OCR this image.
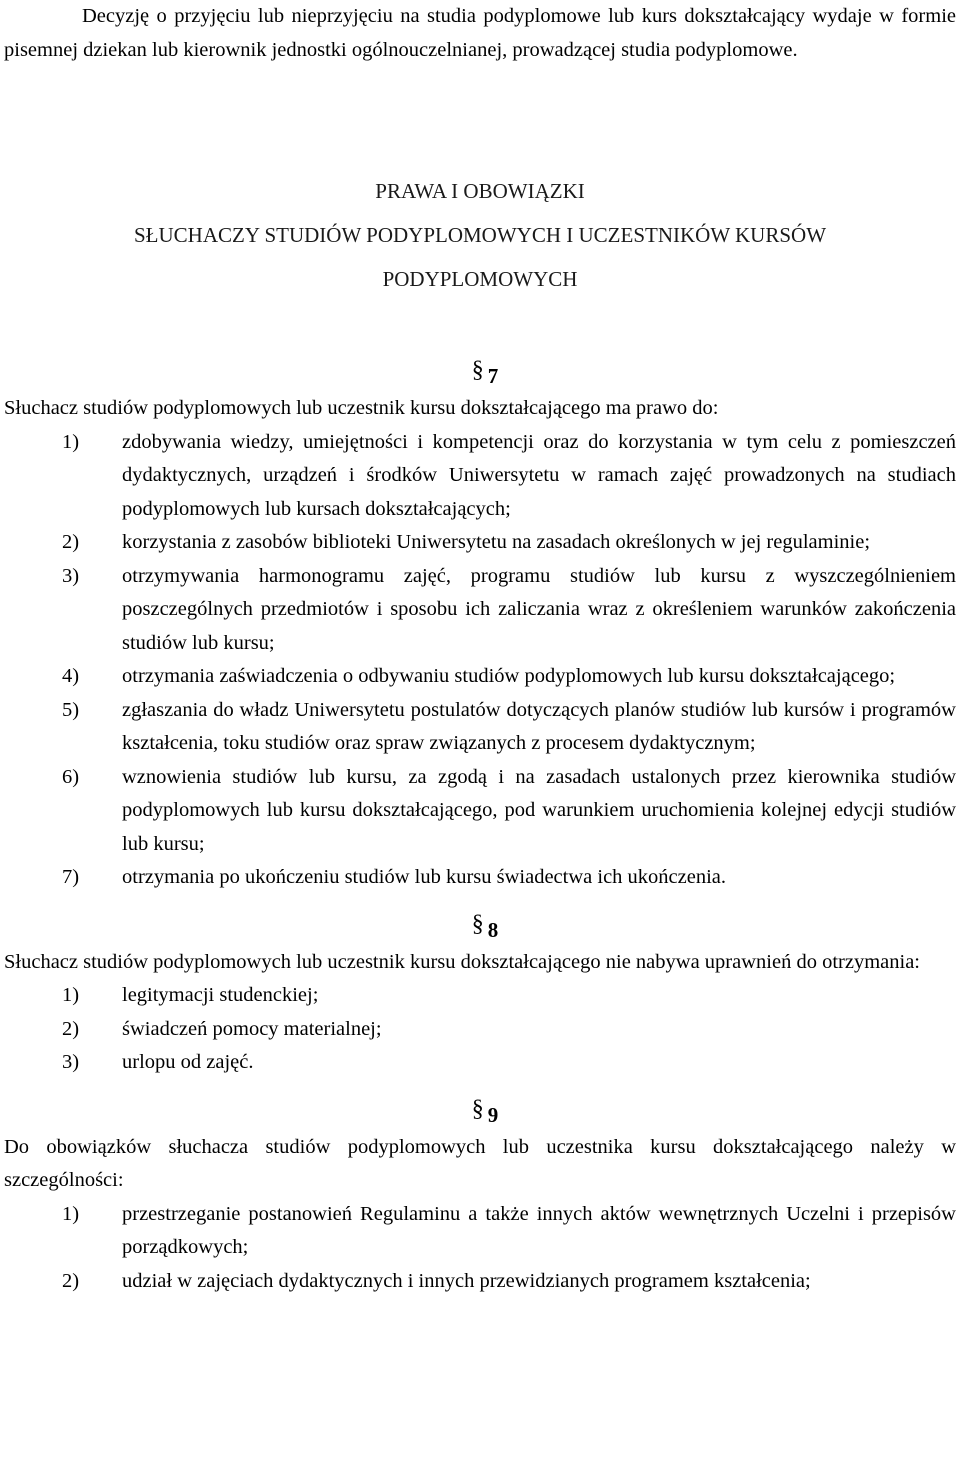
Decyzję o przyjęciu lub nieprzyjęciu na studia podyplomowe lub kurs dokształcający wydaje w formie pisemnej dziekan lub kierownik jednostki ogólnouczelnianej, prowadzącej studia podyplomowe.

PRAWA I OBOWIĄZKI

SŁUCHACZY STUDIÓW PODYPLOMOWYCH I UCZESTNIKÓW KURSÓW

PODYPLOMOWYCH

§ 7

Słuchacz studiów podyplomowych lub uczestnik kursu dokształcającego ma prawo do:

1) zdobywania wiedzy, umiejętności i kompetencji oraz do korzystania w tym celu z pomieszczeń dydaktycznych, urządzeń i środków Uniwersytetu w ramach zajęć prowadzonych na studiach podyplomowych lub kursach dokształcających;
2) korzystania z zasobów biblioteki Uniwersytetu na zasadach określonych w jej regulaminie;
3) otrzymywania harmonogramu zajęć, programu studiów lub kursu z wyszczególnieniem poszczególnych przedmiotów i sposobu ich zaliczania wraz z określeniem warunków zakończenia studiów lub kursu;
4) otrzymania zaświadczenia o odbywaniu studiów podyplomowych lub kursu dokształcającego;
5) zgłaszania do władz Uniwersytetu postulatów dotyczących planów studiów lub kursów i programów kształcenia, toku studiów oraz spraw związanych z procesem dydaktycznym;
6) wznowienia studiów lub kursu, za zgodą i na zasadach ustalonych przez kierownika studiów podyplomowych lub kursu dokształcającego, pod warunkiem uruchomienia kolejnej edycji studiów lub kursu;
7) otrzymania po ukończeniu studiów lub kursu świadectwa ich ukończenia.
§ 8

Słuchacz studiów podyplomowych lub uczestnik kursu dokształcającego nie nabywa uprawnień do otrzymania:

1) legitymacji studenckiej;
2) świadczeń pomocy materialnej;
3) urlopu od zajęć.
§ 9

Do obowiązków słuchacza studiów podyplomowych lub uczestnika kursu dokształcającego należy w szczególności:

1) przestrzeganie postanowień Regulaminu a także innych aktów wewnętrznych Uczelni i przepisów porządkowych;
2) udział w zajęciach dydaktycznych i innych przewidzianych programem kształcenia;
